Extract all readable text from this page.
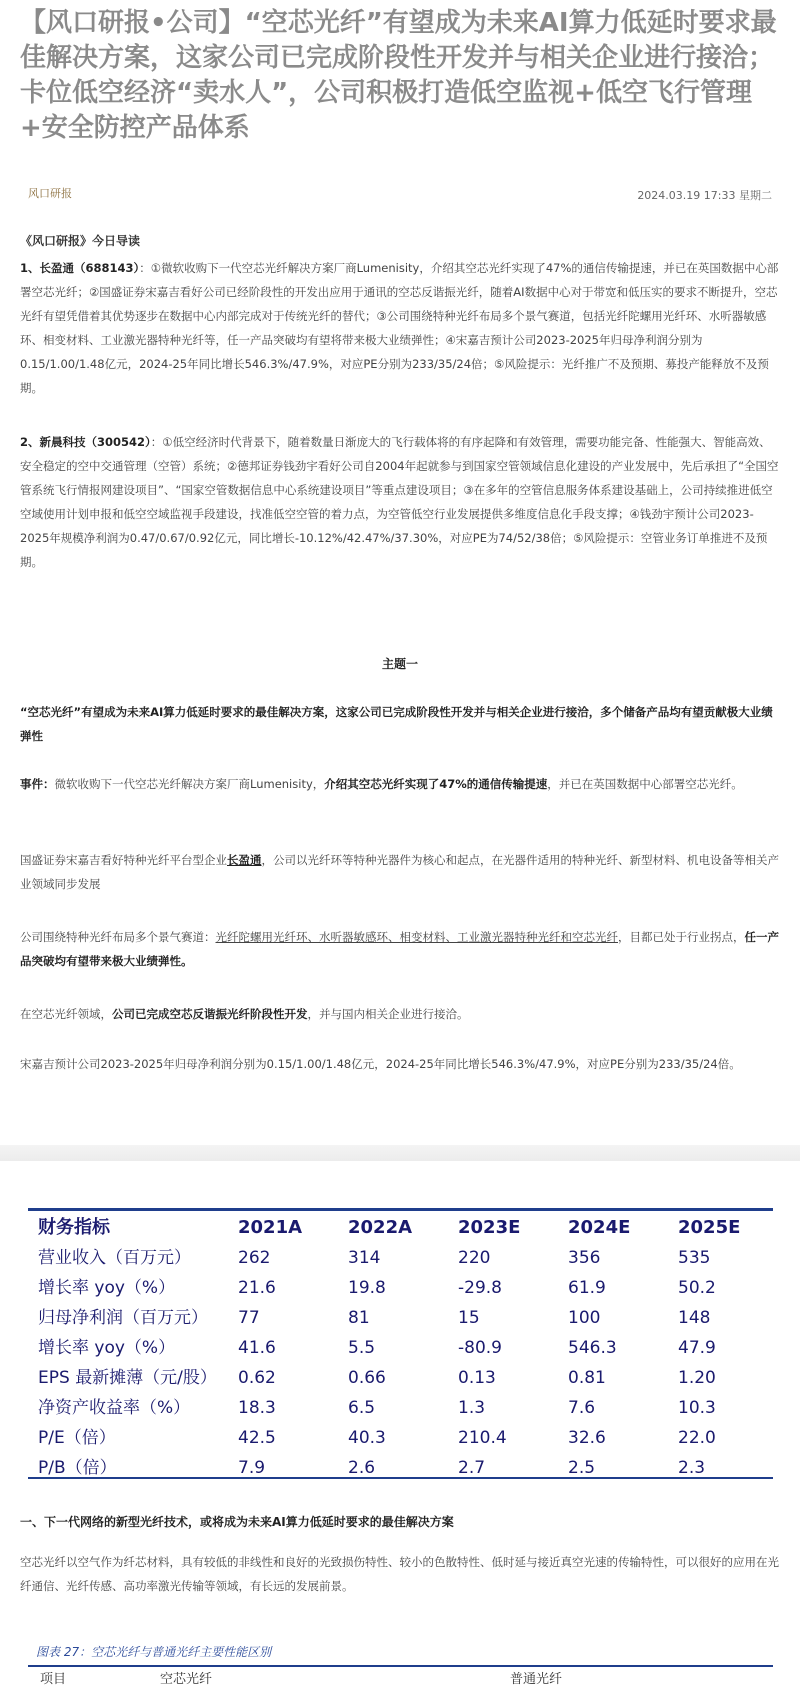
【风口研报•公司】“空芯光纤”有望成为未来AI算力低延时要求最佳解决方案，这家公司已完成阶段性开发并与相关企业进行接洽；卡位低空经济“卖水人”，公司积极打造低空监视+低空飞行管理+安全防控产品体系
风口研报	2024.03.19 17:33 星期二
《风口研报》今日导读

1、长盈通（688143）：①微软收购下一代空芯光纤解决方案厂商Lumenisity，介绍其空芯光纤实现了47%的通信传输提速，并已在英国数据中心部署空芯光纤；②国盛证券宋嘉吉看好公司已经阶段性的开发出应用于通讯的空芯反谐振光纤，随着AI数据中心对于带宽和低压实的要求不断提升，空芯光纤有望凭借着其优势逐步在数据中心内部完成对于传统光纤的替代；③公司围绕特种光纤布局多个景气赛道，包括光纤陀螺用光纤环、水听器敏感环、相变材料、工业激光器特种光纤等，任一产品突破均有望将带来极大业绩弹性；④宋嘉吉预计公司2023-2025年归母净利润分别为0.15/1.00/1.48亿元，2024-25年同比增长546.3%/47.9%，对应PE分别为233/35/24倍；⑤风险提示：光纤推广不及预期、募投产能释放不及预期。

2、新晨科技（300542）：①低空经济时代背景下，随着数量日渐庞大的飞行载体将的有序起降和有效管理，需要功能完备、性能强大、智能高效、安全稳定的空中交通管理（空管）系统；②德邦证券钱劲宇看好公司自2004年起就参与到国家空管领域信息化建设的产业发展中，先后承担了“全国空管系统飞行情报网建设项目”、“国家空管数据信息中心系统建设项目”等重点建设项目；③在多年的空管信息服务体系建设基础上，公司持续推进低空空域使用计划申报和低空空域监视手段建设，找准低空空管的着力点，为空管低空行业发展提供多维度信息化手段支撑；④钱劲宇预计公司2023-2025年规模净利润为0.47/0.67/0.92亿元，同比增长-10.12%/42.47%/37.30%，对应PE为74/52/38倍；⑤风险提示：空管业务订单推进不及预期。

主题一

“空芯光纤”有望成为未来AI算力低延时要求的最佳解决方案，这家公司已完成阶段性开发并与相关企业进行接洽，多个储备产品均有望贡献极大业绩弹性

事件：微软收购下一代空芯光纤解决方案厂商Lumenisity，介绍其空芯光纤实现了47%的通信传输提速，并已在英国数据中心部署空芯光纤。

国盛证券宋嘉吉看好特种光纤平台型企业长盈通，公司以光纤环等特种光器件为核心和起点，在光器件适用的特种光纤、新型材料、机电设备等相关产业领域同步发展

公司围绕特种光纤布局多个景气赛道：光纤陀螺用光纤环、水听器敏感环、相变材料、工业激光器特种光纤和空芯光纤，目都已处于行业拐点，任一产品突破均有望带来极大业绩弹性。

在空芯光纤领域，公司已完成空芯反谐振光纤阶段性开发，并与国内相关企业进行接洽。

宋嘉吉预计公司2023-2025年归母净利润分别为0.15/1.00/1.48亿元，2024-25年同比增长546.3%/47.9%，对应PE分别为233/35/24倍。

一、下一代网络的新型光纤技术，或将成为未来AI算力低延时要求的最佳解决方案

空芯光纤以空气作为纤芯材料，具有较低的非线性和良好的光致损伤特性、较小的色散特性、低时延与接近真空光速的传输特性，可以很好的应用在光纤通信、光纤传感、高功率激光传输等领域，有长远的发展前景。

图表 27：空芯光纤与普通光纤主要性能区别
项目	空芯光纤	普通光纤
财务指标	2021A	2022A	2023E	2024E	2025E
营业收入（百万元）	262	314	220	356	535
增长率 yoy（%）	21.6	19.8	-29.8	61.9	50.2
归母净利润（百万元） 77	81	15	100	148
增长率 yoy（%）	41.6	5.5	-80.9	546.3	47.9
EPS 最新摊薄（元/股） 0.62	0.66	0.13	0.81	1.20
净资产收益率（%）	18.3	6.5	1.3	7.6	10.3
P/E（倍）	42.5	40.3	210.4	32.6	22.0
P/B（倍）	7.9	2.6	2.7	2.5	2.3
